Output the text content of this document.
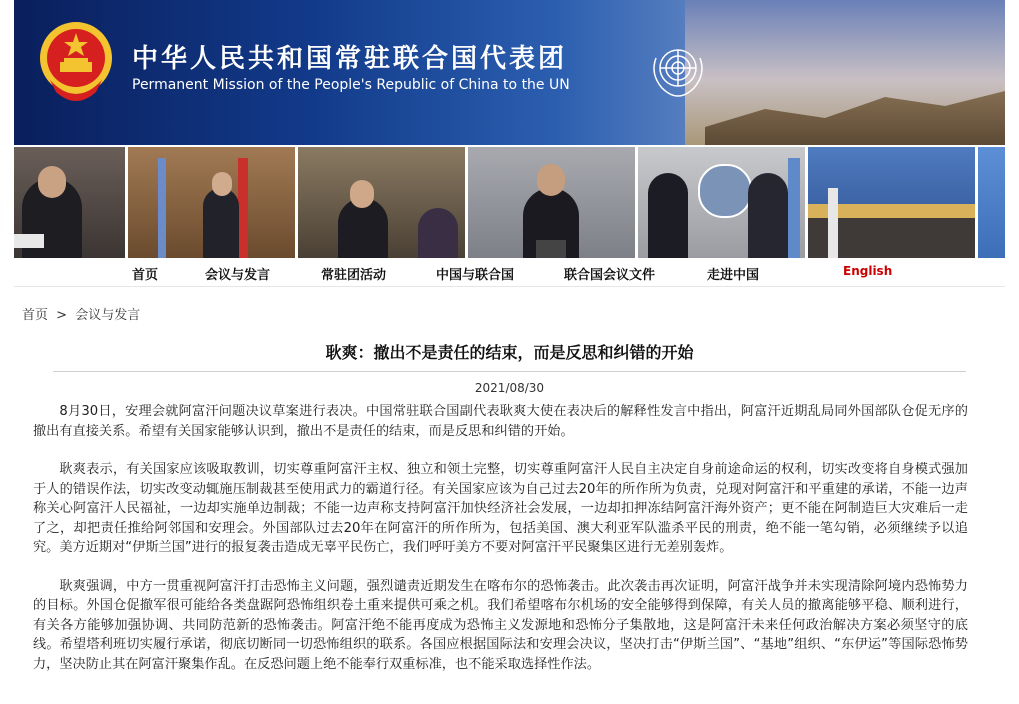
中华人民共和国常驻联合国代表团
Permanent Mission of the People's Republic of China to the UN
首页	会议与发言	常驻团活动	中国与联合国	联合国会议文件	走进中国	English
首页 > 会议与发言
耿爽：撤出不是责任的结束，而是反思和纠错的开始
2021/08/30

8月30日，安理会就阿富汗问题决议草案进行表决。中国常驻联合国副代表耿爽大使在表决后的解释性发言中指出，阿富汗近期乱局同外国部队仓促无序的撤出有直接关系。希望有关国家能够认识到，撤出不是责任的结束，而是反思和纠错的开始。

耿爽表示，有关国家应该吸取教训，切实尊重阿富汗主权、独立和领土完整，切实尊重阿富汗人民自主决定自身前途命运的权利，切实改变将自身模式强加于人的错误作法，切实改变动辄施压制裁甚至使用武力的霸道行径。有关国家应该为自己过去20年的所作所为负责，兑现对阿富汗和平重建的承诺，不能一边声称关心阿富汗人民福祉，一边却实施单边制裁；不能一边声称支持阿富汗加快经济社会发展，一边却扣押冻结阿富汗海外资产；更不能在阿制造巨大灾难后一走了之，却把责任推给阿邻国和安理会。外国部队过去20年在阿富汗的所作所为，包括美国、澳大利亚军队滥杀平民的刑责，绝不能一笔勾销，必须继续予以追究。美方近期对“伊斯兰国”进行的报复袭击造成无辜平民伤亡，我们呼吁美方不要对阿富汗平民聚集区进行无差别轰炸。

耿爽强调，中方一贯重视阿富汗打击恐怖主义问题，强烈谴责近期发生在喀布尔的恐怖袭击。此次袭击再次证明，阿富汗战争并未实现清除阿境内恐怖势力的目标。外国仓促撤军很可能给各类盘踞阿恐怖组织卷土重来提供可乘之机。我们希望喀布尔机场的安全能够得到保障，有关人员的撤离能够平稳、顺利进行，有关各方能够加强协调、共同防范新的恐怖袭击。阿富汗绝不能再度成为恐怖主义发源地和恐怖分子集散地，这是阿富汗未来任何政治解决方案必须坚守的底线。希望塔利班切实履行承诺，彻底切断同一切恐怖组织的联系。各国应根据国际法和安理会决议，坚决打击“伊斯兰国”、“基地”组织、“东伊运”等国际恐怖势力，坚决防止其在阿富汗聚集作乱。在反恐问题上绝不能奉行双重标准，也不能采取选择性作法。
